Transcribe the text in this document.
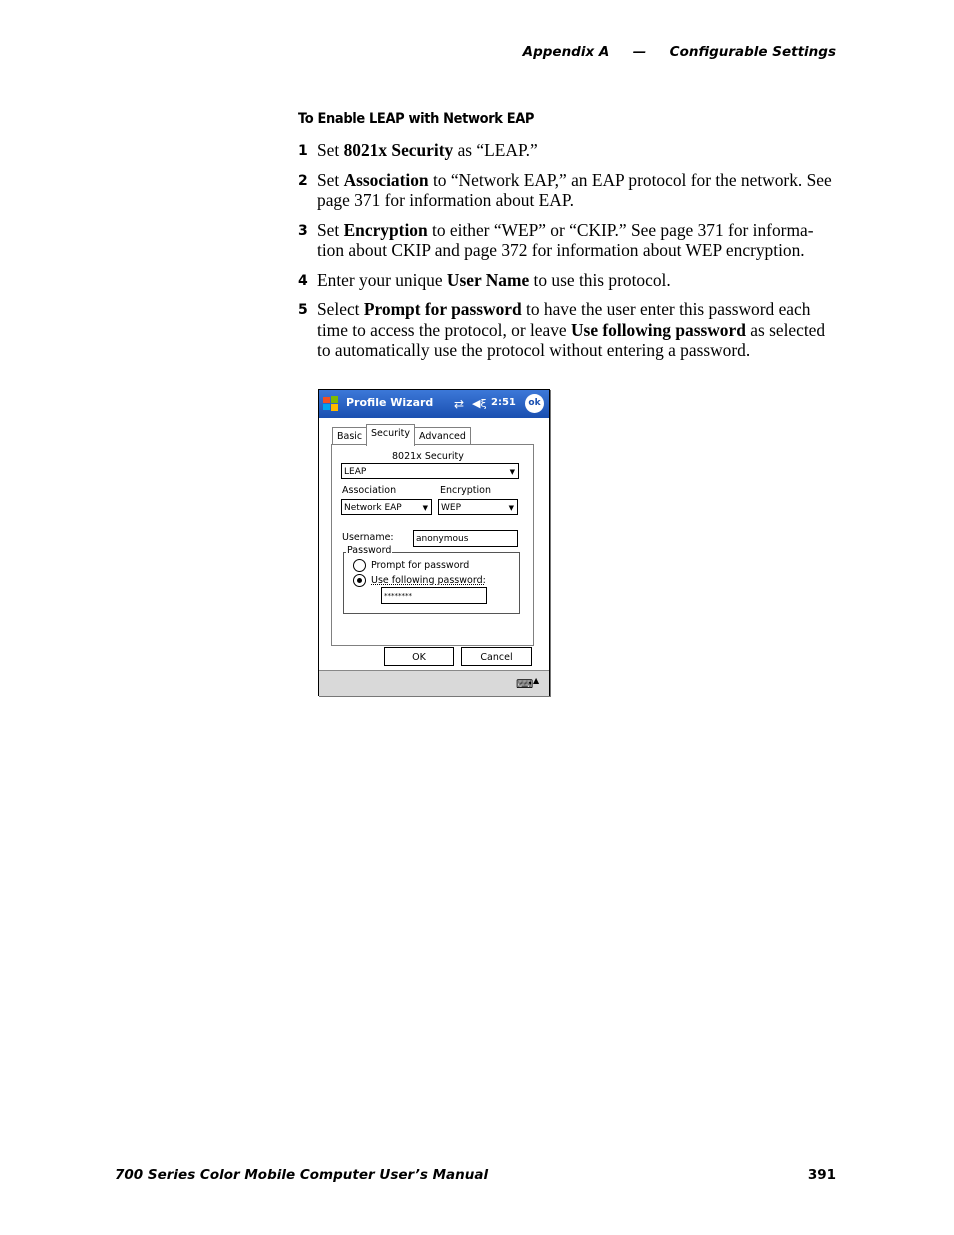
Appendix A — Configurable Settings
To Enable LEAP with Network EAP
1 Set 8021x Security as “LEAP.”
2 Set Association to “Network EAP,” an EAP protocol for the network. See page 371 for information about EAP.
3 Set Encryption to either “WEP” or “CKIP.” See page 371 for informa-tion about CKIP and page 372 for information about WEP encryption.
4 Enter your unique User Name to use this protocol.
5 Select Prompt for password to have the user enter this password each time to access the protocol, or leave Use following password as selected to automatically use the protocol without entering a password.
Profile Wizard ⇄ ◀ξ 2:51	ok
Basic Security Advanced
8021x Security
LEAP	▼
Association	Encryption
Network EAP	▼	WEP	▼
Username:	anonymous
Password
Prompt for password
Use following password:
********
OK	Cancel
⌨ ▲
700 Series Color Mobile Computer User’s Manual	391
